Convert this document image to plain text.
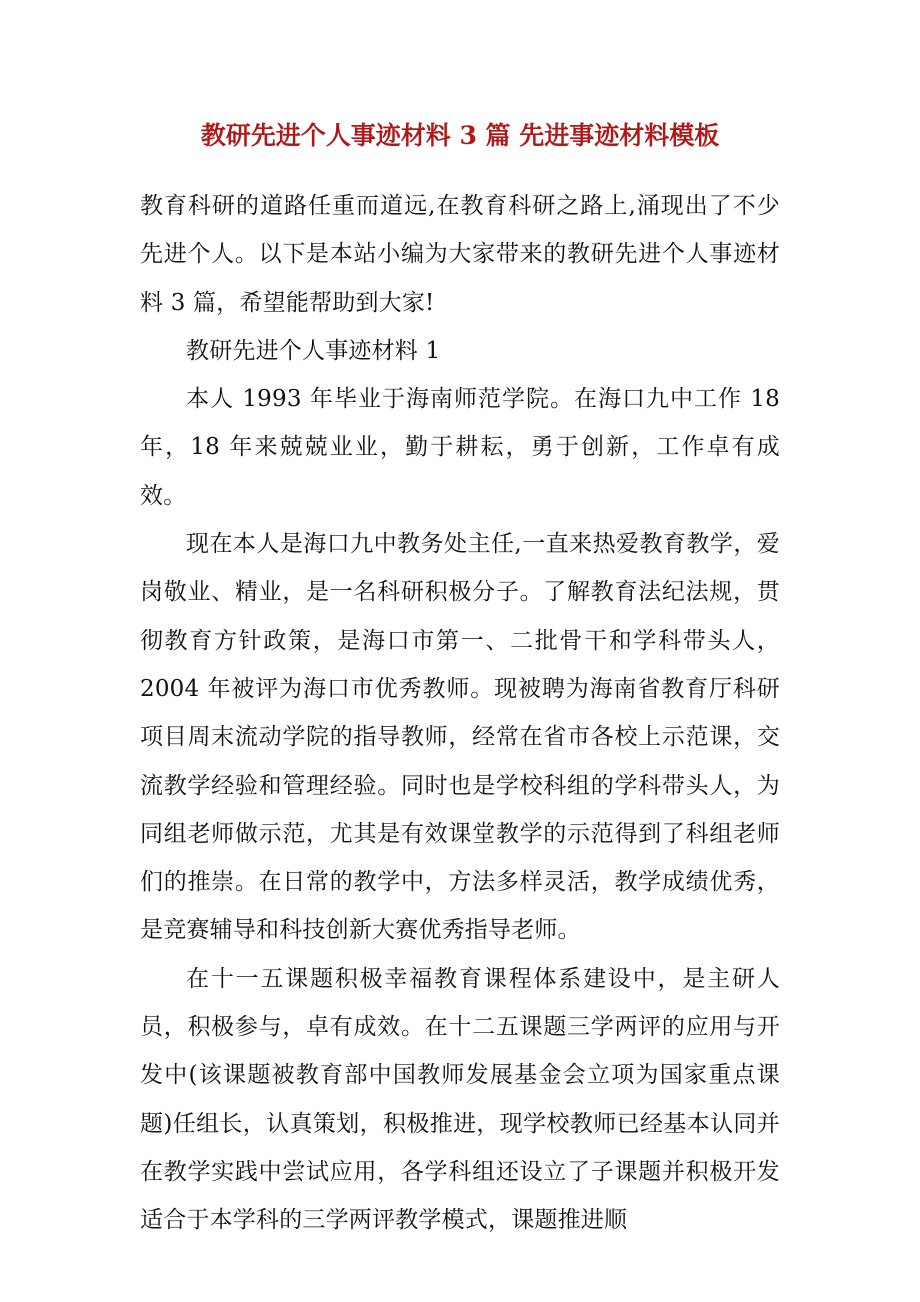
教研先进个人事迹材料 3 篇 先进事迹材料模板

教育科研的道路任重而道远,在教育科研之路上,涌现出了不少先进个人。以下是本站小编为大家带来的教研先进个人事迹材料 3 篇，希望能帮助到大家!

教研先进个人事迹材料 1

本人 1993 年毕业于海南师范学院。在海口九中工作 18 年，18 年来兢兢业业，勤于耕耘，勇于创新，工作卓有成效。

现在本人是海口九中教务处主任,一直来热爱教育教学，爱岗敬业、精业，是一名科研积极分子。了解教育法纪法规，贯彻教育方针政策，是海口市第一、二批骨干和学科带头人，2004 年被评为海口市优秀教师。现被聘为海南省教育厅科研项目周末流动学院的指导教师，经常在省市各校上示范课，交流教学经验和管理经验。同时也是学校科组的学科带头人，为同组老师做示范，尤其是有效课堂教学的示范得到了科组老师们的推崇。在日常的教学中，方法多样灵活，教学成绩优秀，是竞赛辅导和科技创新大赛优秀指导老师。

在十一五课题积极幸福教育课程体系建设中，是主研人员，积极参与，卓有成效。在十二五课题三学两评的应用与开发中(该课题被教育部中国教师发展基金会立项为国家重点课题)任组长，认真策划，积极推进，现学校教师已经基本认同并在教学实践中尝试应用，各学科组还设立了子课题并积极开发适合于本学科的三学两评教学模式，课题推进顺
